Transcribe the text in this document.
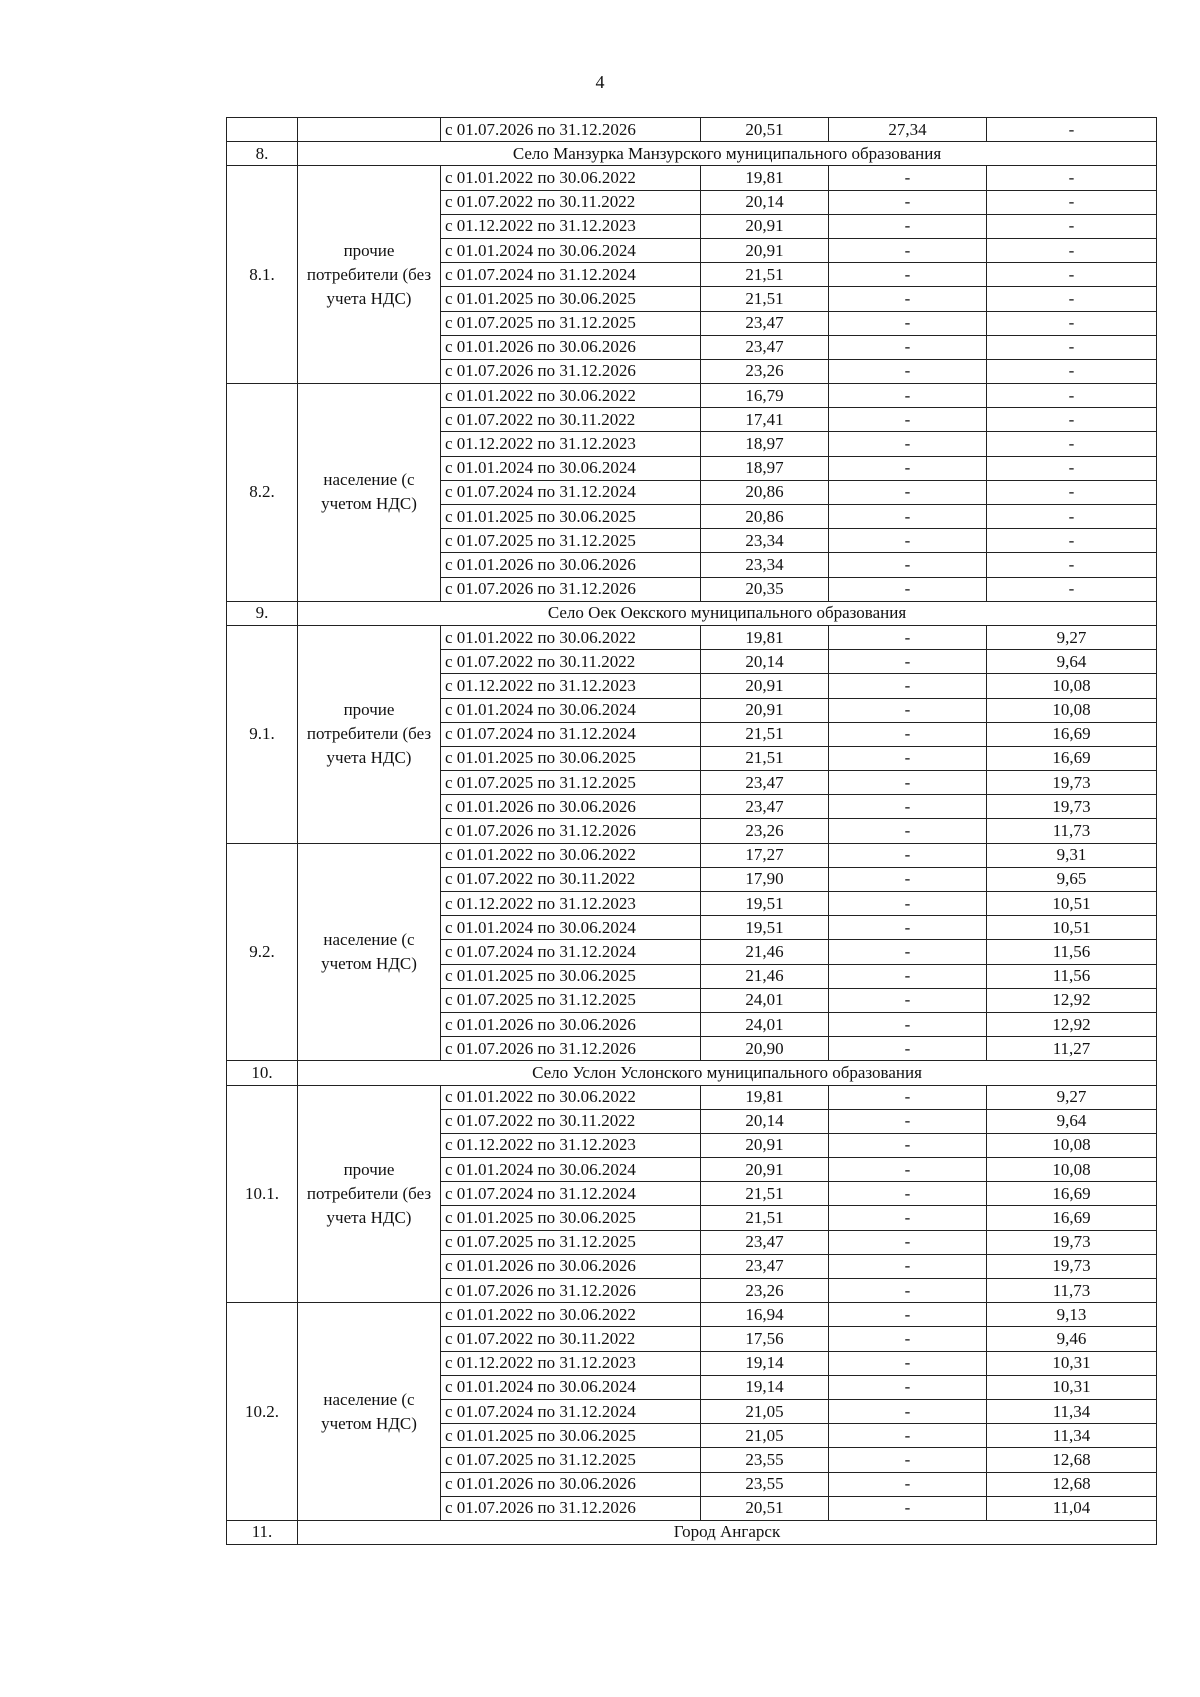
4
		с 01.07.2026 по 31.12.2026	20,51	27,34	-
8.	Село Манзурка Манзурского муниципального образования				
8.1.	прочие потребители (без учета НДС)	с 01.01.2022 по 30.06.2022	19,81	-	-
		с 01.07.2022 по 30.11.2022	20,14	-	-
		с 01.12.2022 по 31.12.2023	20,91	-	-
		с 01.01.2024 по 30.06.2024	20,91	-	-
		с 01.07.2024 по 31.12.2024	21,51	-	-
		с 01.01.2025 по 30.06.2025	21,51	-	-
		с 01.07.2025 по 31.12.2025	23,47	-	-
		с 01.01.2026 по 30.06.2026	23,47	-	-
		с 01.07.2026 по 31.12.2026	23,26	-	-
8.2.	население (с учетом НДС)	с 01.01.2022 по 30.06.2022	16,79	-	-
		с 01.07.2022 по 30.11.2022	17,41	-	-
		с 01.12.2022 по 31.12.2023	18,97	-	-
		с 01.01.2024 по 30.06.2024	18,97	-	-
		с 01.07.2024 по 31.12.2024	20,86	-	-
		с 01.01.2025 по 30.06.2025	20,86	-	-
		с 01.07.2025 по 31.12.2025	23,34	-	-
		с 01.01.2026 по 30.06.2026	23,34	-	-
		с 01.07.2026 по 31.12.2026	20,35	-	-
9.	Село Оек Оекского муниципального образования				
9.1.	прочие потребители (без учета НДС)	с 01.01.2022 по 30.06.2022	19,81	-	9,27
		с 01.07.2022 по 30.11.2022	20,14	-	9,64
		с 01.12.2022 по 31.12.2023	20,91	-	10,08
		с 01.01.2024 по 30.06.2024	20,91	-	10,08
		с 01.07.2024 по 31.12.2024	21,51	-	16,69
		с 01.01.2025 по 30.06.2025	21,51	-	16,69
		с 01.07.2025 по 31.12.2025	23,47	-	19,73
		с 01.01.2026 по 30.06.2026	23,47	-	19,73
		с 01.07.2026 по 31.12.2026	23,26	-	11,73
9.2.	население (с учетом НДС)	с 01.01.2022 по 30.06.2022	17,27	-	9,31
		с 01.07.2022 по 30.11.2022	17,90	-	9,65
		с 01.12.2022 по 31.12.2023	19,51	-	10,51
		с 01.01.2024 по 30.06.2024	19,51	-	10,51
		с 01.07.2024 по 31.12.2024	21,46	-	11,56
		с 01.01.2025 по 30.06.2025	21,46	-	11,56
		с 01.07.2025 по 31.12.2025	24,01	-	12,92
		с 01.01.2026 по 30.06.2026	24,01	-	12,92
		с 01.07.2026 по 31.12.2026	20,90	-	11,27
10.	Село Услон Услонского муниципального образования				
10.1.	прочие потребители (без учета НДС)	с 01.01.2022 по 30.06.2022	19,81	-	9,27
		с 01.07.2022 по 30.11.2022	20,14	-	9,64
		с 01.12.2022 по 31.12.2023	20,91	-	10,08
		с 01.01.2024 по 30.06.2024	20,91	-	10,08
		с 01.07.2024 по 31.12.2024	21,51	-	16,69
		с 01.01.2025 по 30.06.2025	21,51	-	16,69
		с 01.07.2025 по 31.12.2025	23,47	-	19,73
		с 01.01.2026 по 30.06.2026	23,47	-	19,73
		с 01.07.2026 по 31.12.2026	23,26	-	11,73
10.2.	население (с учетом НДС)	с 01.01.2022 по 30.06.2022	16,94	-	9,13
		с 01.07.2022 по 30.11.2022	17,56	-	9,46
		с 01.12.2022 по 31.12.2023	19,14	-	10,31
		с 01.01.2024 по 30.06.2024	19,14	-	10,31
		с 01.07.2024 по 31.12.2024	21,05	-	11,34
		с 01.01.2025 по 30.06.2025	21,05	-	11,34
		с 01.07.2025 по 31.12.2025	23,55	-	12,68
		с 01.01.2026 по 30.06.2026	23,55	-	12,68
		с 01.07.2026 по 31.12.2026	20,51	-	11,04
11.	Город Ангарск				
